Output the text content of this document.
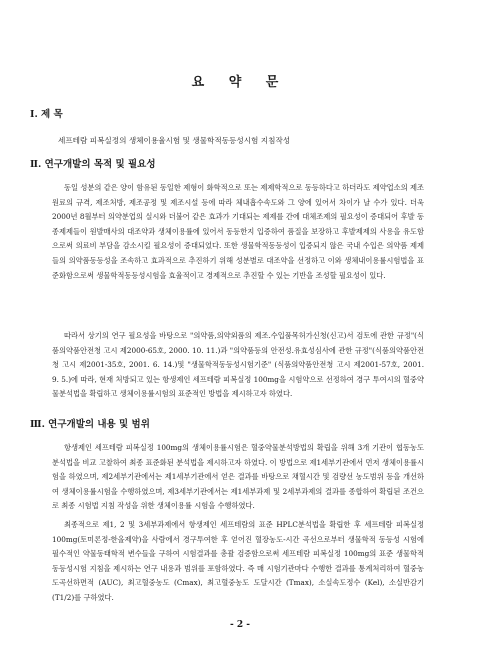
요 약 문
Ⅰ. 제 목
세프테람 피복실정의 생체이용율시험 및 생물학적동등성시험 지침작성
Ⅱ. 연구개발의 목적 및 필요성

동일 성분의 같은 양이 함유된 동일한 제형이 화학적으로 또는 제제학적으로 동등하다고 하더라도 제약업소의 제조원료의 규격, 제조처방, 제조공정 및 제조시설 등에 따라 체내흡수속도와 그 양에 있어서 차이가 날 수가 있다. 더욱 2000년 8월부터 의약분업의 실시와 더불어 같은 효과가 기대되는 제제를 간에 대체조제의 필요성이 증대되어 후발 동종제제들이 원발매사의 대조약과 생체이용률에 있어서 동등한지 입증하여 품질을 보장하고 후발제제의 사용을 유도함으로써 의료비 부담을 감소시킬 필요성이 증대되었다. 또한 생물학적동등성이 입증되지 않은 국내 수입은 의약품 제제들의 의약품동등성을 조속하고 효과적으로 추진하기 위해 성분별로 대조약을 선정하고 이와 생체내이용률시험법을 표준화함으로써 생물학적동등성시험을 효율적이고 경제적으로 추진할 수 있는 기반을 조성할 필요성이 있다.

따라서 상기의 연구 필요성을 바탕으로 "의약품,의약외품의 제조.수입품목허가신청(신고)서 검토에 관한 규정"(식품의약품안전청 고시 제2000-65호, 2000. 10. 11.)과 "의약품등의 안전성.유효성심사에 관한 규정"(식품의약품안전청 고시 제2001-35호, 2001. 6. 14.)및 "생물학적동등성시험기준" (식품의약품안전청 고시 제2001-57호, 2001. 9. 5.)에 따라, 현재 처방되고 있는 항생제인 세프테람 피복실정 100mg을 시험약으로 선정하여 경구 투여시의 혈중약물분석법을 확립하고 생체이용률시험의 표준적인 방법을 제시하고자 하였다.

Ⅲ. 연구개발의 내용 및 범위

항생제인 세프테람 피복실정 100mg의 생체이용률시험은 혈중약물분석방법의 확립을 위해 3개 기관이 협동농도 분석법을 비교 고찰하여 최종 표준화된 분석법을 제시하고자 하였다. 이 방법으로 제1세부기관에서 먼저 생체이용률시험을 하였으며, 제2세부기관에서는 제1세부기관에서 얻은 결과를 바탕으로 채혈시간 및 검량선 농도범위 등을 개선하여 생체이용률시험을 수행하였으며, 제3세부기관에서는 제1세부과제 및 2세부과제의 결과를 종합하여 확립된 조건으로 최종 시험법 지침 작성을 위한 생체이용률 시험을 수행하였다.

최종적으로 제1, 2 및 3세부과제에서 항생제인 세프테람의 표준 HPLC분석법을 확립한 후 세프테람 피복실정 100mg(토미론정-한올제약)을 사람에서 경구투여한 후 얻어진 혈장농도-시간 곡선으로부터 생물학적 동등성 시험에 필수적인 약물동태학적 변수들을 구하여 시험결과를 총괄 검증함으로써 세프테람 피복실정 100mg의 표준 생물학적동등성시험 지침을 제시하는 연구 내용과 범위를 포함하였다. 즉 매 시험기관마다 수행한 결과를 통계처리하여 혈중농도곡선하면적 (AUC), 최고혈중농도 (Cmax), 최고혈중농도 도달시간 (Tmax), 소실속도정수 (Kel), 소실반감기 (T1/2)를 구하였다.

- 2 -
